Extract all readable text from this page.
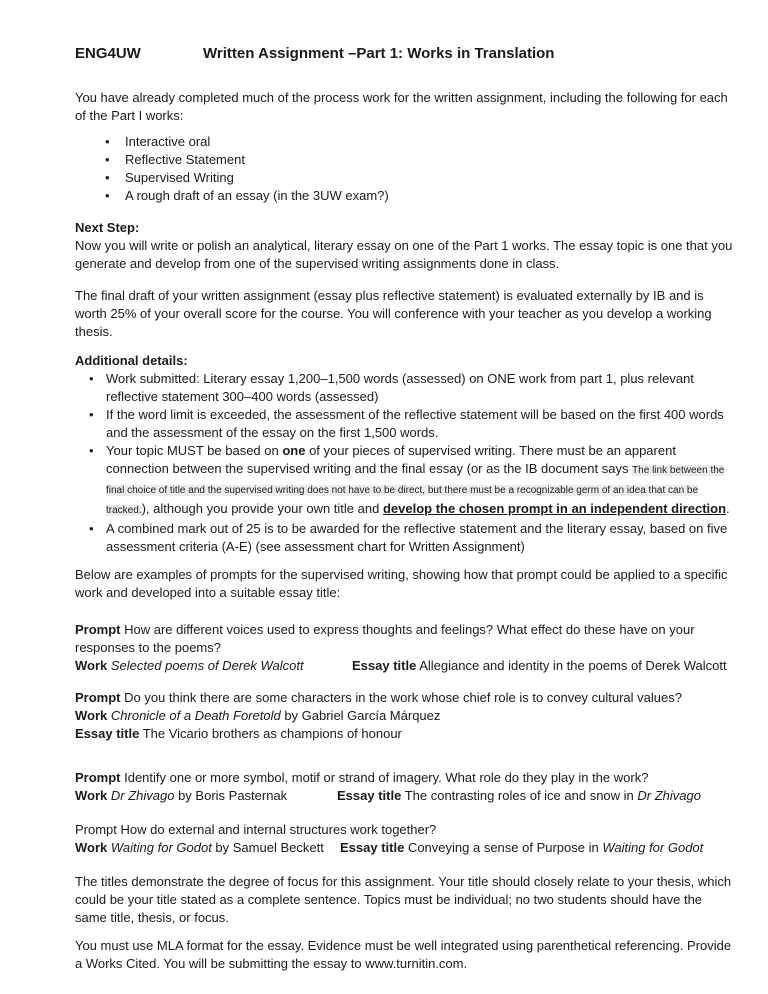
ENG4UW	Written Assignment –Part 1: Works in Translation

You have already completed much of the process work for the written assignment, including the following for each of the Part I works:

• Interactive oral
• Reflective Statement
• Supervised Writing
• A rough draft of an essay (in the 3UW exam?)

Next Step:

Now you will write or polish an analytical, literary essay on one of the Part 1 works. The essay topic is one that you generate and develop from one of the supervised writing assignments done in class.

The final draft of your written assignment (essay plus reflective statement) is evaluated externally by IB and is worth 25% of your overall score for the course. You will conference with your teacher as you develop a working thesis.

Additional details:

• Work submitted: Literary essay 1,200–1,500 words (assessed) on ONE work from part 1, plus relevant reflective statement 300–400 words (assessed)
• If the word limit is exceeded, the assessment of the reflective statement will be based on the first 400 words and the assessment of the essay on the first 1,500 words.
• Your topic MUST be based on one of your pieces of supervised writing. There must be an apparent connection between the supervised writing and the final essay (or as the IB document says The link between the final choice of title and the supervised writing does not have to be direct, but there must be a recognizable germ of an idea that can be tracked.), although you provide your own title and develop the chosen prompt in an independent direction.
• A combined mark out of 25 is to be awarded for the reflective statement and the literary essay, based on five assessment criteria (A-E) (see assessment chart for Written Assignment)

Below are examples of prompts for the supervised writing, showing how that prompt could be applied to a specific work and developed into a suitable essay title:

Prompt How are different voices used to express thoughts and feelings? What effect do these have on your responses to the poems?

Work Selected poems of Derek Walcott	Essay title Allegiance and identity in the poems of Derek Walcott

Prompt Do you think there are some characters in the work whose chief role is to convey cultural values?

Work Chronicle of a Death Foretold by Gabriel García Márquez

Essay title The Vicario brothers as champions of honour

Prompt Identify one or more symbol, motif or strand of imagery. What role do they play in the work?

Work Dr Zhivago by Boris Pasternak	Essay title The contrasting roles of ice and snow in Dr Zhivago

Prompt How do external and internal structures work together?

Work Waiting for Godot by Samuel Beckett Essay title Conveying a sense of Purpose in Waiting for Godot

The titles demonstrate the degree of focus for this assignment. Your title should closely relate to your thesis, which could be your title stated as a complete sentence. Topics must be individual; no two students should have the same title, thesis, or focus.

You must use MLA format for the essay. Evidence must be well integrated using parenthetical referencing. Provide a Works Cited. You will be submitting the essay to www.turnitin.com.
